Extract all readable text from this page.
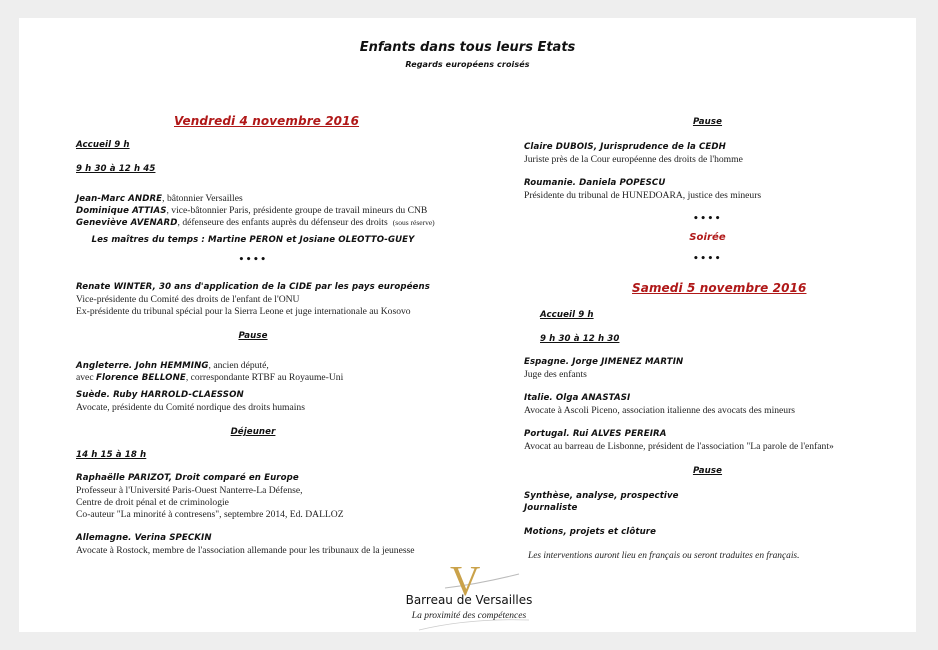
Enfants dans tous leurs Etats
Regards européens croisés
Vendredi 4 novembre 2016
Accueil 9 h
9 h 30 à 12 h 45
Jean-Marc ANDRE, bâtonnier Versailles
Dominique ATTIAS, vice-bâtonnier Paris, présidente groupe de travail mineurs du CNB
Geneviève AVENARD, défenseure des enfants auprès du défenseur des droits (sous réserve)
Les maîtres du temps : Martine PERON et Josiane OLEOTTO-GUEY
••••
Renate WINTER, 30 ans d'application de la CIDE par les pays européens
Vice-présidente du Comité des droits de l'enfant de l'ONU
Ex-présidente du tribunal spécial pour la Sierra Leone et juge internationale au Kosovo
Pause
Angleterre. John HEMMING, ancien député,
avec Florence BELLONE, correspondante RTBF au Royaume-Uni
Suède. Ruby HARROLD-CLAESSON
Avocate, présidente du Comité nordique des droits humains
Déjeuner
14 h 15 à 18 h
Raphaëlle PARIZOT, Droit comparé en Europe
Professeur à l'Université Paris-Ouest Nanterre-La Défense,
Centre de droit pénal et de criminologie
Co-auteur "La minorité à contresens", septembre 2014, Ed. DALLOZ
Allemagne. Verina SPECKIN
Avocate à Rostock, membre de l'association allemande pour les tribunaux de la jeunesse
Pause
Claire DUBOIS, Jurisprudence de la CEDH
Juriste près de la Cour européenne des droits de l'homme
Roumanie. Daniela POPESCU
Présidente du tribunal de HUNEDOARA, justice des mineurs
••••
Soirée
••••
Samedi 5 novembre 2016
Accueil 9 h
9 h 30 à 12 h 30
Espagne. Jorge JIMENEZ MARTIN
Juge des enfants
Italie. Olga ANASTASI
Avocate à Ascoli Piceno, association italienne des avocats des mineurs
Portugal. Rui ALVES PEREIRA
Avocat au barreau de Lisbonne, président de l'association "La parole de l'enfant»
Pause
Synthèse, analyse, prospective
Journaliste
Motions, projets et clôture
Les interventions auront lieu en français ou seront traduites en français.
V
Barreau de Versailles
La proximité des compétences
